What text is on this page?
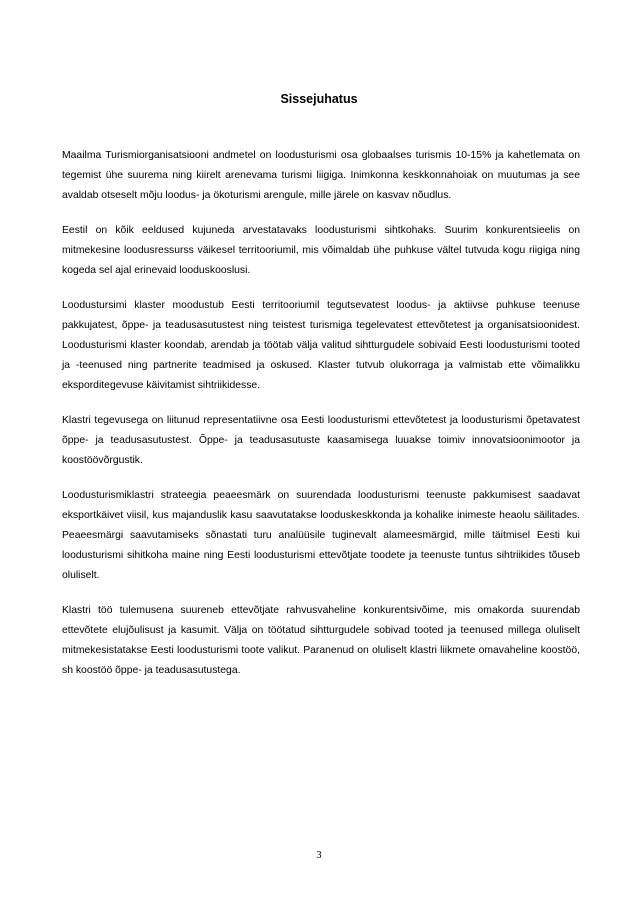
Sissejuhatus

Maailma Turismiorganisatsiooni andmetel on loodusturismi osa globaalses turismis 10-15% ja kahetlemata on tegemist ühe suurema ning kiirelt arenevama turismi liigiga. Inimkonna keskkonnahoiak on muutumas ja see avaldab otseselt mõju loodus- ja ökoturismi arengule, mille järele on kasvav nõudlus.

Eestil on kõik eeldused kujuneda arvestatavaks loodusturismi sihtkohaks. Suurim konkurentsieelis on mitmekesine loodusressurss väikesel territooriumil, mis võimaldab ühe puhkuse vältel tutvuda kogu riigiga ning kogeda sel ajal erinevaid looduskooslusi.

Loodustursimi klaster moodustub Eesti territooriumil tegutsevatest loodus- ja aktiivse puhkuse teenuse pakkujatest, õppe- ja teadusasutustest ning teistest turismiga tegelevatest ettevõtetest ja organisatsioonidest. Loodusturismi klaster koondab, arendab ja töötab välja valitud sihtturgudele sobivaid Eesti loodusturismi tooted ja -teenused ning partnerite teadmised ja oskused. Klaster tutvub olukorraga ja valmistab ette võimalikku eksporditegevuse käivitamist sihtriikidesse.

Klastri tegevusega on liitunud representatiivne osa Eesti loodusturismi ettevõtetest ja loodusturismi õpetavatest õppe- ja teadusasutustest. Õppe- ja teadusasutuste kaasamisega luuakse toimiv innovatsioonimootor ja koostöövõrgustik.

Loodusturismiklastri strateegia peaeesmärk on suurendada loodusturismi teenuste pakkumisest saadavat eksportkäivet viisil, kus majanduslik kasu saavutatakse looduskeskkonda ja kohalike inimeste heaolu säilitades. Peaeesmärgi saavutamiseks sõnastati turu analüüsile tuginevalt alameesmärgid, mille täitmisel Eesti kui loodusturismi sihitkoha maine ning Eesti loodusturismi ettevõtjate toodete ja teenuste tuntus sihtriikides tõuseb oluliselt.

Klastri töö tulemusena suureneb ettevõtjate rahvusvaheline konkurentsivõime, mis omakorda suurendab ettevõtete elujõulisust ja kasumit. Välja on töötatud sihtturgudele sobivad tooted ja teenused millega oluliselt mitmekesistatakse Eesti loodusturismi toote valikut. Paranenud on oluliselt klastri liikmete omavaheline koostöö, sh koostöö õppe- ja teadusasutustega.

3
